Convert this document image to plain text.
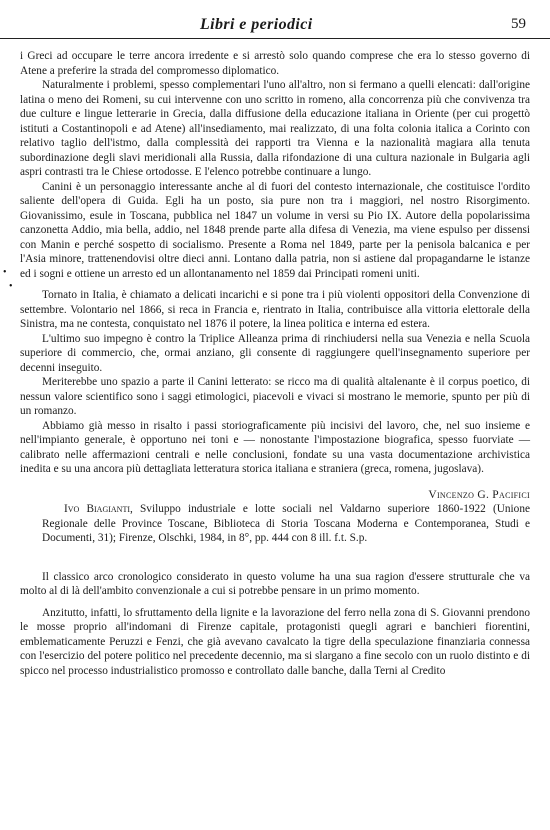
Libri e periodici	59
•
•

i Greci ad occupare le terre ancora irredente e si arrestò solo quando comprese che era lo stesso governo di Atene a preferire la strada del compromesso diplomatico.

Naturalmente i problemi, spesso complementari l'uno all'altro, non si fermano a quelli elencati: dall'origine latina o meno dei Romeni, su cui intervenne con uno scritto in romeno, alla concorrenza più che convivenza tra due culture e lingue letterarie in Grecia, dalla diffusione della educazione italiana in Oriente (per cui progettò istituti a Costantinopoli e ad Atene) all'insediamento, mai realizzato, di una folta colonia italica a Corinto con relativo taglio dell'istmo, dalla complessità dei rapporti tra Vienna e la nazionalità magiara alla tenuta subordinazione degli slavi meridionali alla Russia, dalla rifondazione di una cultura nazionale in Bulgaria agli aspri contrasti tra le Chiese ortodosse. E l'elenco potrebbe continuare a lungo.

Canini è un personaggio interessante anche al di fuori del contesto internazionale, che costituisce l'ordito saliente dell'opera di Guida. Egli ha un posto, sia pure non tra i maggiori, nel nostro Risorgimento. Giovanissimo, esule in Toscana, pubblica nel 1847 un volume in versi su Pio IX. Autore della popolarissima canzonetta Addio, mia bella, addio, nel 1848 prende parte alla difesa di Venezia, ma viene espulso per dissensi con Manin e perché sospetto di socialismo. Presente a Roma nel 1849, parte per la penisola balcanica e per l'Asia minore, trattenendovisi oltre dieci anni. Lontano dalla patria, non si astiene dal propagandarne le istanze ed i sogni e ottiene un arresto ed un allontanamento nel 1859 dai Principati romeni uniti.

Tornato in Italia, è chiamato a delicati incarichi e si pone tra i più violenti oppositori della Convenzione di settembre. Volontario nel 1866, si reca in Francia e, rientrato in Italia, contribuisce alla vittoria elettorale della Sinistra, ma ne contesta, conquistato nel 1876 il potere, la linea politica e interna ed estera.

L'ultimo suo impegno è contro la Triplice Alleanza prima di rinchiudersi nella sua Venezia e nella Scuola superiore di commercio, che, ormai anziano, gli consente di raggiungere quell'insegnamento superiore per decenni inseguito.

Meriterebbe uno spazio a parte il Canini letterato: se ricco ma di qualità altalenante è il corpus poetico, di nessun valore scientifico sono i saggi etimologici, piacevoli e vivaci si mostrano le memorie, spunto per più di un romanzo.

Abbiamo già messo in risalto i passi storiograficamente più incisivi del lavoro, che, nel suo insieme e nell'impianto generale, è opportuno nei toni e — nonostante l'impostazione biografica, spesso fuorviate — calibrato nelle affermazioni centrali e nelle conclusioni, fondate su una vasta documentazione archivistica inedita e su una ancora più dettagliata letteratura storica italiana e straniera (greca, romena, jugoslava).

Vincenzo G. Pacifici

Ivo Biagianti, Sviluppo industriale e lotte sociali nel Valdarno superiore 1860-1922 (Unione Regionale delle Province Toscane, Biblioteca di Storia Toscana Moderna e Contemporanea, Studi e Documenti, 31); Firenze, Olschki, 1984, in 8°, pp. 444 con 8 ill. f.t. S.p.

Il classico arco cronologico considerato in questo volume ha una sua ragion d'essere strutturale che va molto al di là dell'ambito convenzionale a cui si potrebbe pensare in un primo momento.

Anzitutto, infatti, lo sfruttamento della lignite e la lavorazione del ferro nella zona di S. Giovanni prendono le mosse proprio all'indomani di Firenze capitale, protagonisti quegli agrari e banchieri fiorentini, emblematicamente Peruzzi e Fenzi, che già avevano cavalcato la tigre della speculazione finanziaria connessa con l'esercizio del potere politico nel precedente decennio, ma si slargano a fine secolo con un ruolo distinto e di spicco nel processo industrialistico promosso e controllato dalle banche, dalla Terni al Credito
